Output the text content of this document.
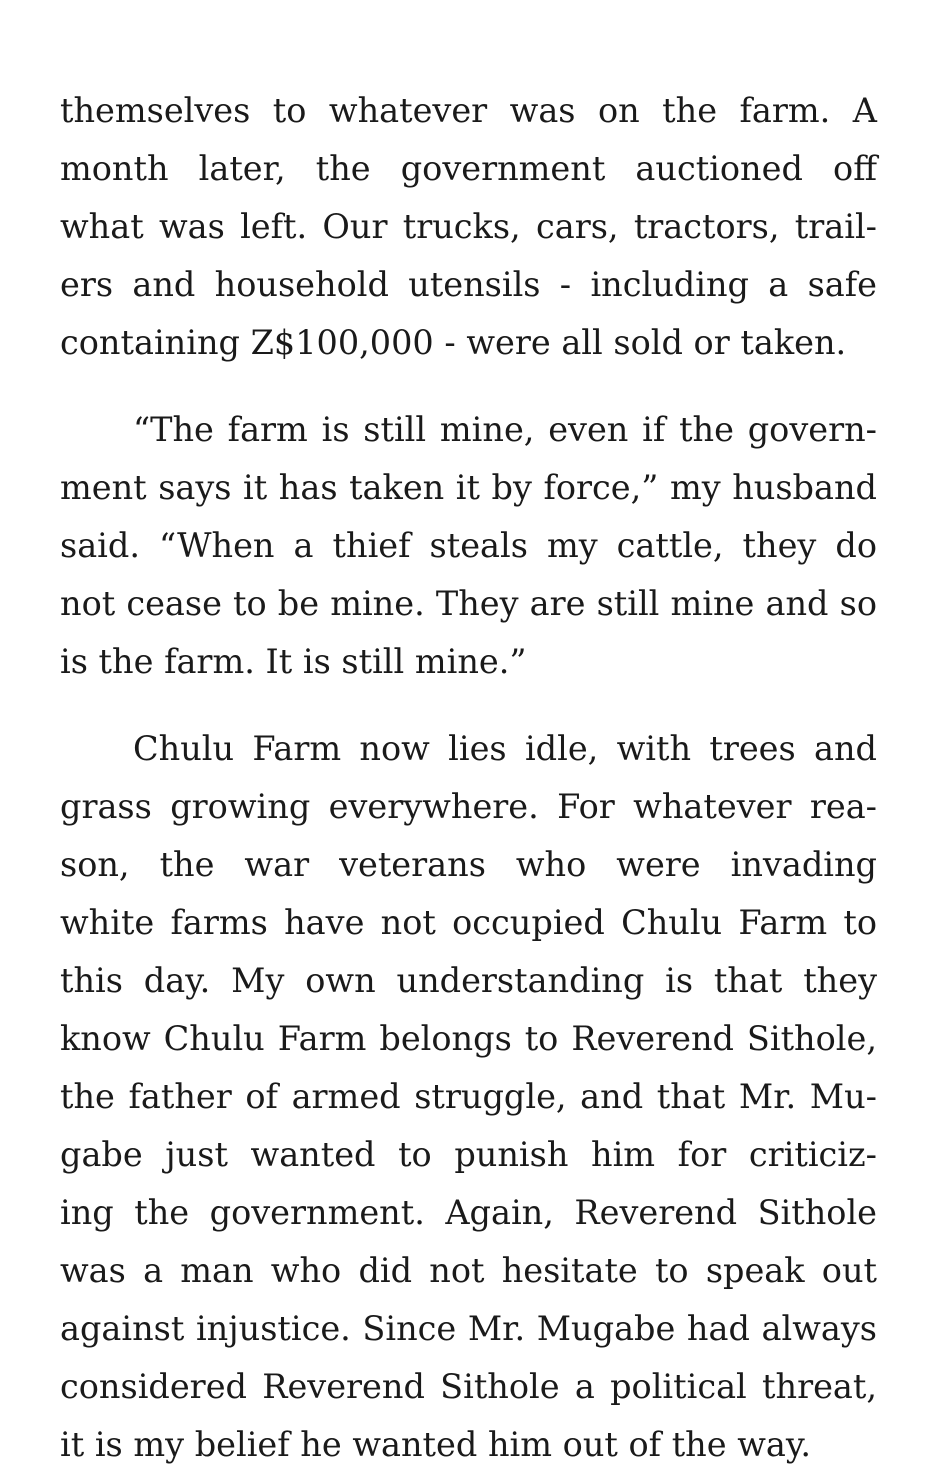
themselves to whatever was on the farm. A
month later, the government auctioned off
what was left. Our trucks, cars, tractors, trail-
ers and household utensils - including a safe
containing Z$100,000 - were all sold or taken.

“The farm is still mine, even if the govern-
ment says it has taken it by force,” my husband
said. “When a thief steals my cattle, they do
not cease to be mine. They are still mine and so
is the farm. It is still mine.”

Chulu Farm now lies idle, with trees and
grass growing everywhere. For whatever rea-
son, the war veterans who were invading
white farms have not occupied Chulu Farm to
this day. My own understanding is that they
know Chulu Farm belongs to Reverend Sithole,
the father of armed struggle, and that Mr. Mu-
gabe just wanted to punish him for criticiz-
ing the government. Again, Reverend Sithole
was a man who did not hesitate to speak out
against injustice. Since Mr. Mugabe had always
considered Reverend Sithole a political threat,
it is my belief he wanted him out of the way.
